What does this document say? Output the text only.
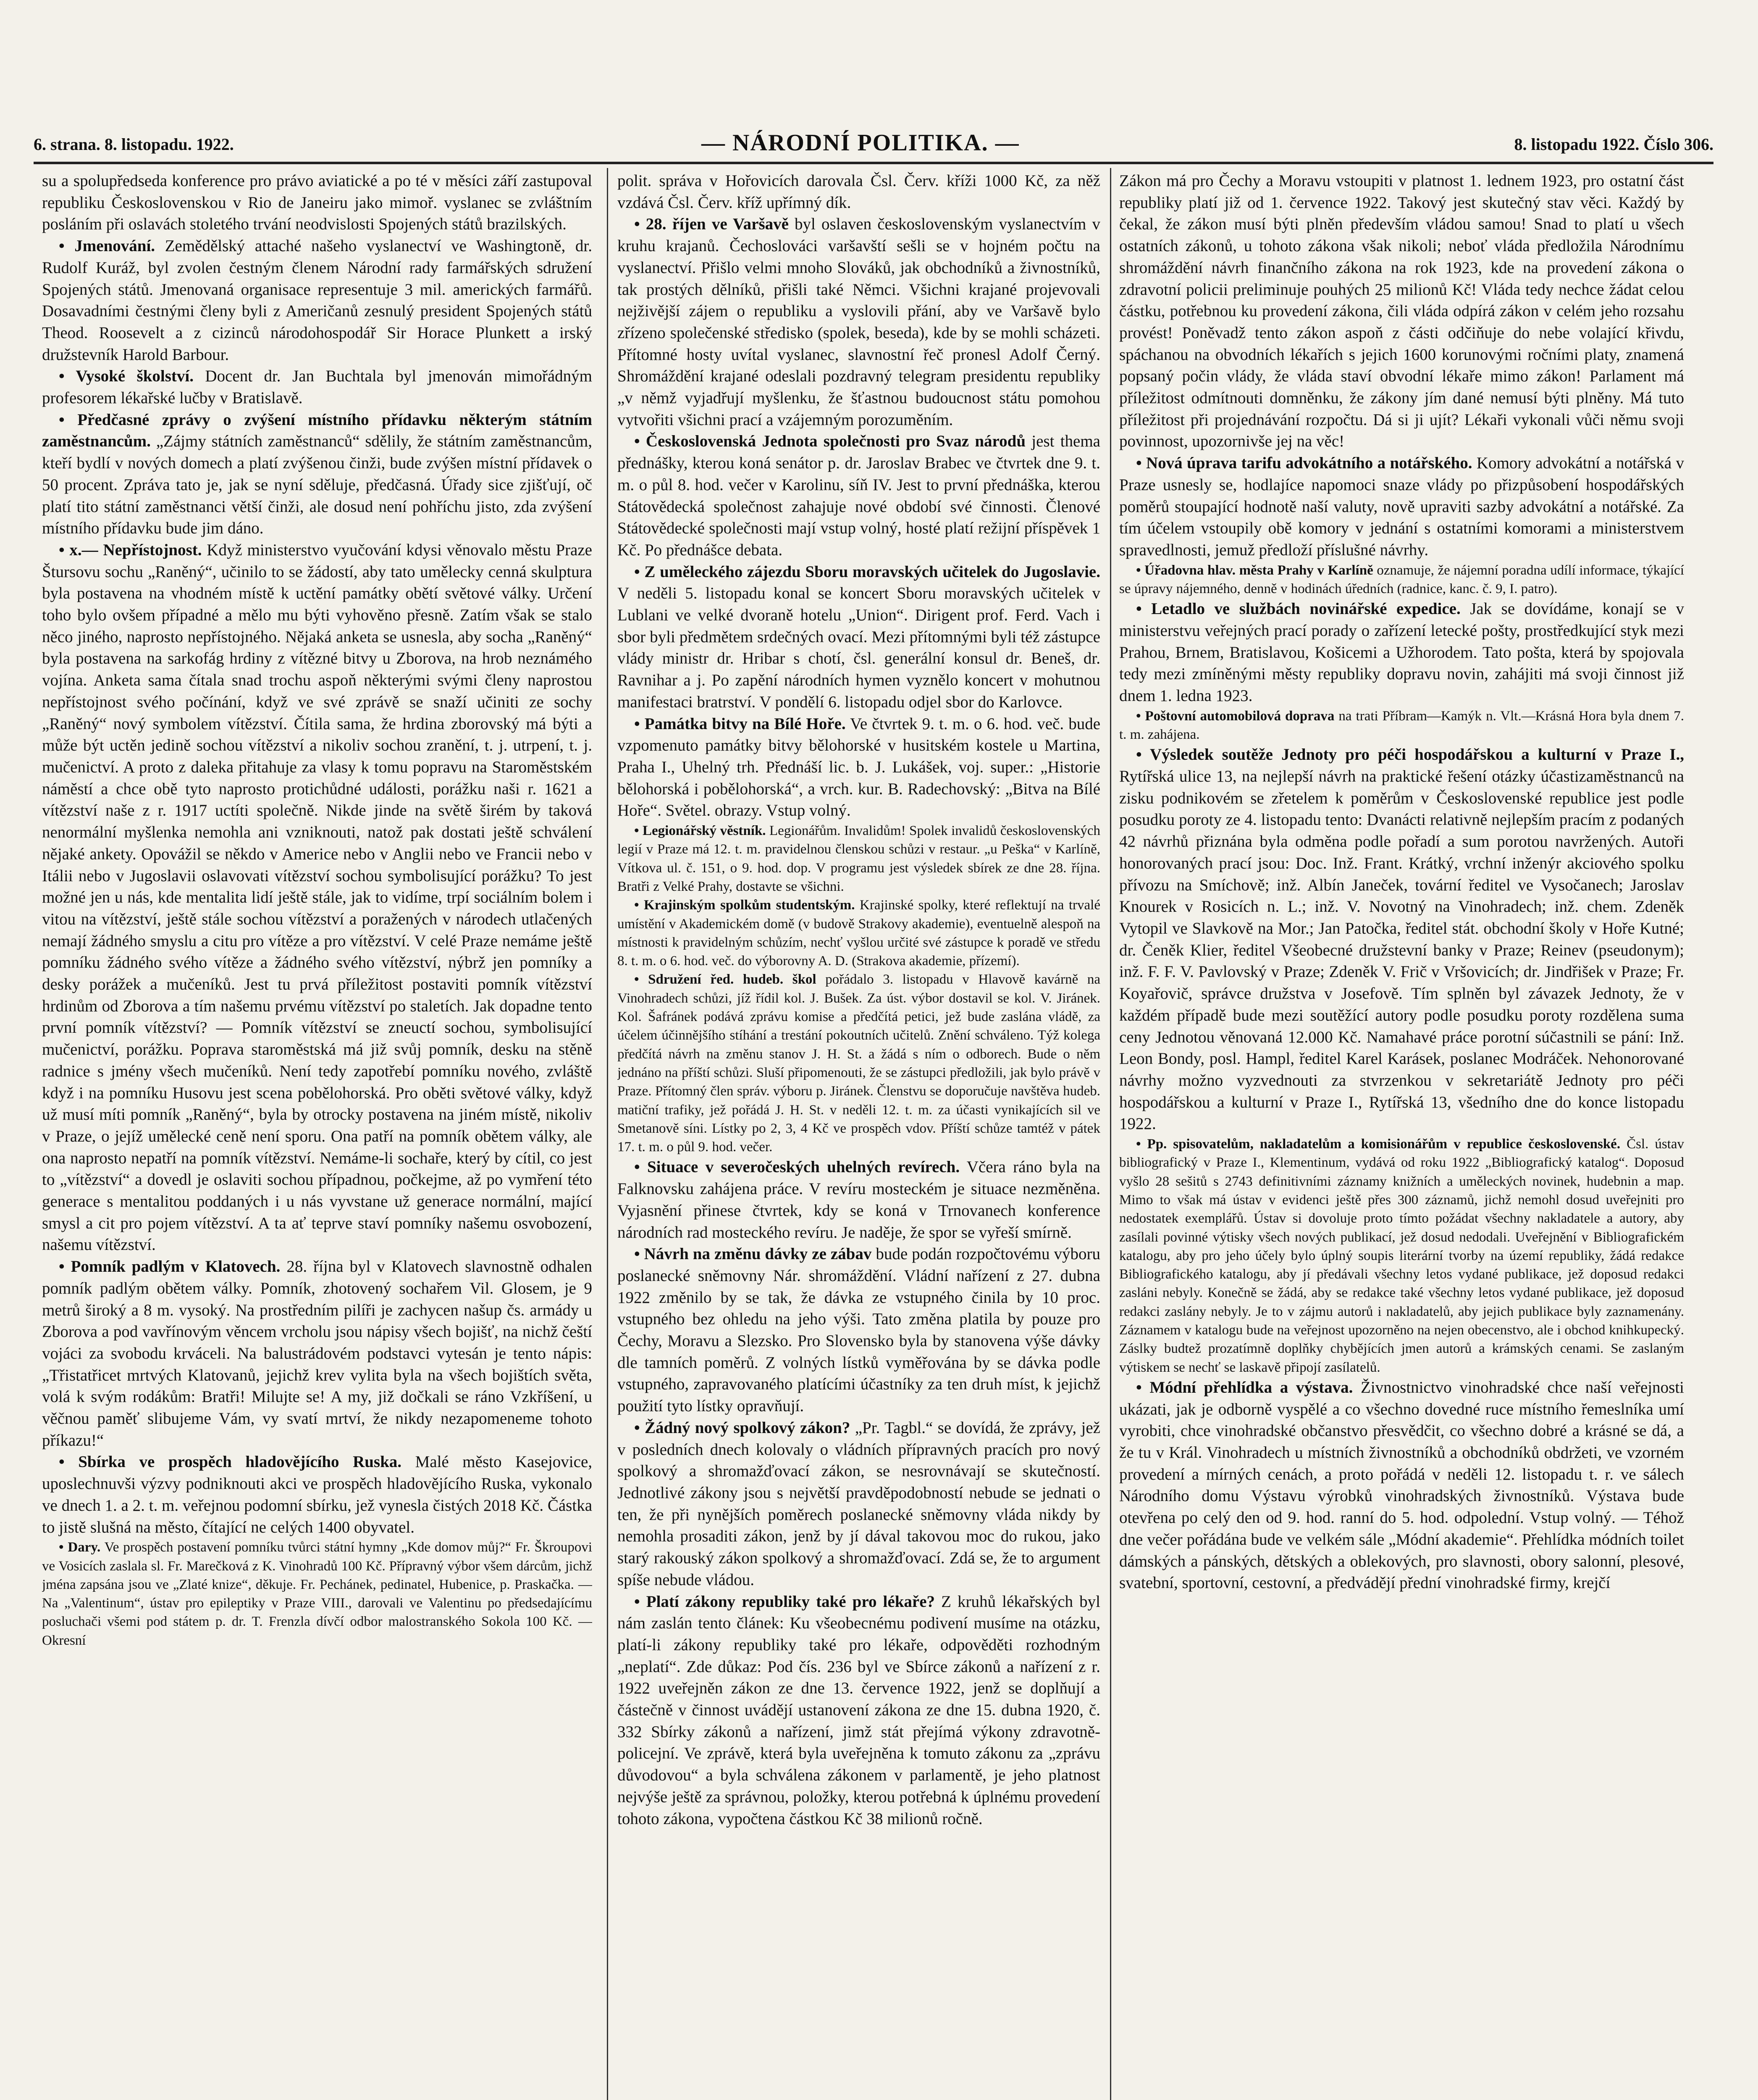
6. strana. 8. listopadu. 1922.	— NÁRODNÍ POLITIKA. —	8. listopadu 1922. Číslo 306.

su a spolupředseda konference pro právo aviatické a po té v měsíci září zastupoval republiku Československou v Rio de Janeiru jako mimoř. vyslanec se zvláštním posláním při oslavách stoletého trvání neodvislosti Spojených států brazilských.

• Jmenování. Zemědělský attaché našeho vyslanectví ve Washingtoně, dr. Rudolf Kuráž, byl zvolen čestným členem Národní rady farmářských sdružení Spojených států. Jmenovaná organisace representuje 3 mil. amerických farmářů. Dosavadními čestnými členy byli z Američanů zesnulý president Spojených států Theod. Roosevelt a z cizinců národohospodář Sir Horace Plunkett a irský družstevník Harold Barbour.

• Vysoké školství. Docent dr. Jan Buchtala byl jmenován mimořádným profesorem lékařské lučby v Bratislavě.

• Předčasné zprávy o zvýšení místního přídavku některým státním zaměstnancům. „Zájmy státních zaměstnanců“ sdělily, že státním zaměstnancům, kteří bydlí v nových domech a platí zvýšenou činži, bude zvýšen místní přídavek o 50 procent. Zpráva tato je, jak se nyní sděluje, předčasná. Úřady sice zjišťují, oč platí tito státní zaměstnanci větší činži, ale dosud není pohříchu jisto, zda zvýšení místního přídavku bude jim dáno.

• x.— Nepřístojnost. Když ministerstvo vyučování kdysi věnovalo městu Praze Štursovu sochu „Raněný“, učinilo to se žádostí, aby tato umělecky cenná skulptura byla postavena na vhodném místě k uctění památky obětí světové války. Určení toho bylo ovšem případné a mělo mu býti vyhověno přesně. Zatím však se stalo něco jiného, naprosto nepřístojného. Nějaká anketa se usnesla, aby socha „Raněný“ byla postavena na sarkofág hrdiny z vítězné bitvy u Zborova, na hrob neznámého vojína. Anketa sama čítala snad trochu aspoň některými svými členy naprostou nepřístojnost svého počínání, když ve své zprávě se snaží učiniti ze sochy „Raněný“ nový symbolem vítězství. Čítila sama, že hrdina zborovský má býti a může být uctěn jedině sochou vítězství a nikoliv sochou zranění, t. j. utrpení, t. j. mučenictví. A proto z daleka přitahuje za vlasy k tomu popravu na Staroměstském náměstí a chce obě tyto naprosto protichůdné události, porážku naši r. 1621 a vítězství naše z r. 1917 uctíti společně. Nikde jinde na světě širém by taková nenormální myšlenka nemohla ani vzniknouti, natož pak dostati ještě schválení nějaké ankety. Opovážil se někdo v Americe nebo v Anglii nebo ve Francii nebo v Itálii nebo v Jugoslavii oslavovati vítězství sochou symbolisující porážku? To jest možné jen u nás, kde mentalita lidí ještě stále, jak to vidíme, trpí sociálním bolem i vitou na vítězství, ještě stále sochou vítězství a poražených v národech utlačených nemají žádného smyslu a citu pro vítěze a pro vítězství. V celé Praze nemáme ještě pomníku žádného svého vítěze a žádného svého vítězství, nýbrž jen pomníky a desky porážek a mučeníků. Jest tu prvá příležitost postaviti pomník vítězství hrdinům od Zborova a tím našemu prvému vítězství po staletích. Jak dopadne tento první pomník vítězství? — Pomník vítězství se zneuctí sochou, symbolisující mučenictví, porážku. Poprava staroměstská má již svůj pomník, desku na stěně radnice s jmény všech mučeníků. Není tedy zapotřebí pomníku nového, zvláště když i na pomníku Husovu jest scena pobělohorská. Pro oběti světové války, když už musí míti pomník „Raněný“, byla by otrocky postavena na jiném místě, nikoliv v Praze, o jejíž umělecké ceně není sporu. Ona patří na pomník obětem války, ale ona naprosto nepatří na pomník vítězství. Nemáme-li sochaře, který by cítil, co jest to „vítězství“ a dovedl je oslaviti sochou případnou, počkejme, až po vymření této generace s mentalitou poddaných i u nás vyvstane už generace normální, mající smysl a cit pro pojem vítězství. A ta ať teprve staví pomníky našemu osvobození, našemu vítězství.

• Pomník padlým v Klatovech. 28. října byl v Klatovech slavnostně odhalen pomník padlým obětem války. Pomník, zhotovený sochařem Vil. Glosem, je 9 metrů široký a 8 m. vysoký. Na prostředním pilíři je zachycen našup čs. armády u Zborova a pod vavřínovým věncem vrcholu jsou nápisy všech bojišť, na nichž čeští vojáci za svobodu krváceli. Na balustrádovém podstavci vytesán je tento nápis: „Třistatřicet mrtvých Klatovanů, jejichž krev vylita byla na všech bojištích světa, volá k svým rodákům: Bratři! Milujte se! A my, již dočkali se ráno Vzkříšení, u věčnou paměť slibujeme Vám, vy svatí mrtví, že nikdy nezapomeneme tohoto příkazu!“

• Sbírka ve prospěch hladovějícího Ruska. Malé město Kasejovice, uposlechnuvši výzvy podniknouti akci ve prospěch hladovějícího Ruska, vykonalo ve dnech 1. a 2. t. m. veřejnou podomní sbírku, jež vynesla čistých 2018 Kč. Částka to jistě slušná na město, čítající ne celých 1400 obyvatel.

• Dary. Ve prospěch postavení pomníku tvůrci státní hymny „Kde domov můj?“ Fr. Škroupovi ve Vosicích zaslala sl. Fr. Marečková z K. Vinohradů 100 Kč. Přípravný výbor všem dárcům, jichž jména zapsána jsou ve „Zlaté knize“, děkuje. Fr. Pechánek, pedinatel, Hubenice, p. Praskačka. — Na „Valentinum“, ústav pro epileptiky v Praze VIII., darovali ve Valentinu po předsedajícímu posluchači všemi pod státem p. dr. T. Frenzla dívčí odbor malostranského Sokola 100 Kč. — Okresní

polit. správa v Hořovicích darovala Čsl. Červ. kříži 1000 Kč, za něž vzdává Čsl. Červ. kříž upřímný dík.

• 28. říjen ve Varšavě byl oslaven československým vyslanectvím v kruhu krajanů. Čechoslováci varšavští sešli se v hojném počtu na vyslanectví. Přišlo velmi mnoho Slováků, jak obchodníků a živnostníků, tak prostých dělníků, přišli také Němci. Všichni krajané projevovali nejživější zájem o republiku a vyslovili přání, aby ve Varšavě bylo zřízeno společenské středisko (spolek, beseda), kde by se mohli scházeti. Přítomné hosty uvítal vyslanec, slavnostní řeč pronesl Adolf Černý. Shromáždění krajané odeslali pozdravný telegram presidentu republiky „v němž vyjadřují myšlenku, že šťastnou budoucnost státu pomohou vytvořiti všichni prací a vzájemným porozuměním.

• Československá Jednota společnosti pro Svaz národů jest thema přednášky, kterou koná senátor p. dr. Jaroslav Brabec ve čtvrtek dne 9. t. m. o půl 8. hod. večer v Karolinu, síň IV. Jest to první přednáška, kterou Státovědecká společnost zahajuje nové období své činnosti. Členové Státovědecké společnosti mají vstup volný, hosté platí režijní příspěvek 1 Kč. Po přednášce debata.

• Z uměleckého zájezdu Sboru moravských učitelek do Jugoslavie. V neděli 5. listopadu konal se koncert Sboru moravských učitelek v Lublani ve velké dvoraně hotelu „Union“. Dirigent prof. Ferd. Vach i sbor byli předmětem srdečných ovací. Mezi přítomnými byli též zástupce vlády ministr dr. Hribar s chotí, čsl. generální konsul dr. Beneš, dr. Ravnihar a j. Po zapění národních hymen vyznělo koncert v mohutnou manifestaci bratrství. V pondělí 6. listopadu odjel sbor do Karlovce.

• Památka bitvy na Bílé Hoře. Ve čtvrtek 9. t. m. o 6. hod. več. bude vzpomenuto památky bitvy bělohorské v husitském kostele u Martina, Praha I., Uhelný trh. Přednáší lic. b. J. Lukášek, voj. super.: „Historie bělohorská i pobělohorská“, a vrch. kur. B. Radechovský: „Bitva na Bílé Hoře“. Světel. obrazy. Vstup volný.

• Legionářský věstník. Legionářům. Invalidům! Spolek invalidů československých legií v Praze má 12. t. m. pravidelnou členskou schůzi v restaur. „u Peška“ v Karlíně, Vítkova ul. č. 151, o 9. hod. dop. V programu jest výsledek sbírek ze dne 28. října. Bratři z Velké Prahy, dostavte se všichni.

• Krajinským spolkům studentským. Krajinské spolky, které reflektují na trvalé umístění v Akademickém domě (v budově Strakovy akademie), eventuelně alespoň na místnosti k pravidelným schůzím, nechť vyšlou určité své zástupce k poradě ve středu 8. t. m. o 6. hod. več. do výborovny A. D. (Strakova akademie, přízemí).

• Sdružení řed. hudeb. škol pořádalo 3. listopadu v Hlavově kavárně na Vinohradech schůzi, jíž řídil kol. J. Bušek. Za úst. výbor dostavil se kol. V. Jiránek. Kol. Šafránek podává zprávu komise a předčítá petici, jež bude zaslána vládě, za účelem účinnějšího stíhání a trestání pokoutních učitelů. Znění schváleno. Týž kolega předčítá návrh na změnu stanov J. H. St. a žádá s ním o odborech. Bude o něm jednáno na příští schůzi. Sluší připomenouti, že se zástupci předložili, jak bylo právě v Praze. Přítomný člen správ. výboru p. Jiránek. Členstvu se doporučuje navštěva hudeb. matiční trafiky, jež pořádá J. H. St. v neděli 12. t. m. za účasti vynikajících sil ve Smetanově síni. Lístky po 2, 3, 4 Kč ve prospěch vdov. Příští schůze tamtéž v pátek 17. t. m. o půl 9. hod. večer.

• Situace v severočeských uhelných revírech. Včera ráno byla na Falknovsku zahájena práce. V revíru mosteckém je situace nezměněna. Vyjasnění přinese čtvrtek, kdy se koná v Trnovanech konference národních rad mosteckého revíru. Je naděje, že spor se vyřeší smírně.

• Návrh na změnu dávky ze zábav bude podán rozpočtovému výboru poslanecké sněmovny Nár. shromáždění. Vládní nařízení z 27. dubna 1922 změnilo by se tak, že dávka ze vstupného činila by 10 proc. vstupného bez ohledu na jeho výši. Tato změna platila by pouze pro Čechy, Moravu a Slezsko. Pro Slovensko byla by stanovena výše dávky dle tamních poměrů. Z volných lístků vyměřována by se dávka podle vstupného, zapravovaného platícími účastníky za ten druh míst, k jejichž použití tyto lístky opravňují.

• Žádný nový spolkový zákon? „Pr. Tagbl.“ se dovídá, že zprávy, jež v posledních dnech kolovaly o vládních přípravných pracích pro nový spolkový a shromažďovací zákon, se nesrovnávají se skutečností. Jednotlivé zákony jsou s největší pravděpodobností nebude se jednati o ten, že při nynějších poměrech poslanecké sněmovny vláda nikdy by nemohla prosaditi zákon, jenž by jí dával takovou moc do rukou, jako starý rakouský zákon spolkový a shromažďovací. Zdá se, že to argument spíše nebude vládou.

• Platí zákony republiky také pro lékaře? Z kruhů lékařských byl nám zaslán tento článek: Ku všeobecnému podivení musíme na otázku, platí-li zákony republiky také pro lékaře, odpověděti rozhodným „neplatí“. Zde důkaz: Pod čís. 236 byl ve Sbírce zákonů a nařízení z r. 1922 uveřejněn zákon ze dne 13. července 1922, jenž se doplňují a částečně v činnost uvádějí ustanovení zákona ze dne 15. dubna 1920, č. 332 Sbírky zákonů a nařízení, jimž stát přejímá výkony zdravotně-policejní. Ve zprávě, která byla uveřejněna k tomuto zákonu za „zprávu důvodovou“ a byla schválena zákonem v parlamentě, je jeho platnost nejvýše ještě za správnou, položky, kterou potřebná k úplnému provedení tohoto zákona, vypočtena částkou Kč 38 milionů ročně.

Zákon má pro Čechy a Moravu vstoupiti v platnost 1. lednem 1923, pro ostatní část republiky platí již od 1. července 1922. Takový jest skutečný stav věci. Každý by čekal, že zákon musí býti plněn především vládou samou! Snad to platí u všech ostatních zákonů, u tohoto zákona však nikoli; neboť vláda předložila Národnímu shromáždění návrh finančního zákona na rok 1923, kde na provedení zákona o zdravotní policii preliminuje pouhých 25 milionů Kč! Vláda tedy nechce žádat celou částku, potřebnou ku provedení zákona, čili vláda odpírá zákon v celém jeho rozsahu provést! Poněvadž tento zákon aspoň z části odčiňuje do nebe volající křivdu, spáchanou na obvodních lékařích s jejich 1600 korunovými ročními platy, znamená popsaný počin vlády, že vláda staví obvodní lékaře mimo zákon! Parlament má příležitost odmítnouti domněnku, že zákony jím dané nemusí býti plněny. Má tuto příležitost při projednávání rozpočtu. Dá si ji ujít? Lékaři vykonali vůči němu svoji povinnost, upozornivše jej na věc!

• Nová úprava tarifu advokátního a notářského. Komory advokátní a notářská v Praze usnesly se, hodlajíce napomoci snaze vlády po přizpůsobení hospodářských poměrů stoupající hodnotě naší valuty, nově upraviti sazby advokátní a notářské. Za tím účelem vstoupily obě komory v jednání s ostatními komorami a ministerstvem spravedlnosti, jemuž předloží příslušné návrhy.

• Úřadovna hlav. města Prahy v Karlíně oznamuje, že nájemní poradna udílí informace, týkající se úpravy nájemného, denně v hodinách úředních (radnice, kanc. č. 9, I. patro).

• Letadlo ve službách novinářské expedice. Jak se dovídáme, konají se v ministerstvu veřejných prací porady o zařízení letecké pošty, prostředkující styk mezi Prahou, Brnem, Bratislavou, Košicemi a Užhorodem. Tato pošta, která by spojovala tedy mezi zmíněnými městy republiky dopravu novin, zahájiti má svoji činnost již dnem 1. ledna 1923.

• Poštovní automobilová doprava na trati Příbram—Kamýk n. Vlt.—Krásná Hora byla dnem 7. t. m. zahájena.

• Výsledek soutěže Jednoty pro péči hospodářskou a kulturní v Praze I., Rytířská ulice 13, na nejlepší návrh na praktické řešení otázky účastizaměstnanců na zisku podnikovém se zřetelem k poměrům v Československé republice jest podle posudku poroty ze 4. listopadu tento: Dvanácti relativně nejlepším pracím z podaných 42 návrhů přiznána byla odměna podle pořadí a sum porotou navržených. Autoři honorovaných prací jsou: Doc. Inž. Frant. Krátký, vrchní inženýr akciového spolku přívozu na Smíchově; inž. Albín Janeček, tovární ředitel ve Vysočanech; Jaroslav Knourek v Rosicích n. L.; inž. V. Novotný na Vinohradech; inž. chem. Zdeněk Vytopil ve Slavkově na Mor.; Jan Patočka, ředitel stát. obchodní školy v Hoře Kutné; dr. Čeněk Klier, ředitel Všeobecné družstevní banky v Praze; Reinev (pseudonym); inž. F. F. V. Pavlovský v Praze; Zdeněk V. Frič v Vršovicích; dr. Jindřišek v Praze; Fr. Koyařovič, správce družstva v Josefově. Tím splněn byl závazek Jednoty, že v každém případě bude mezi soutěžící autory podle posudku poroty rozdělena suma ceny Jednotou věnovaná 12.000 Kč. Namahavé práce porotní súčastnili se pání: Inž. Leon Bondy, posl. Hampl, ředitel Karel Karásek, poslanec Modráček. Nehonorované návrhy možno vyzvednouti za stvrzenkou v sekretariátě Jednoty pro péči hospodářskou a kulturní v Praze I., Rytířská 13, všedního dne do konce listopadu 1922.

• Pp. spisovatelům, nakladatelům a komisionářům v republice československé. Čsl. ústav bibliografický v Praze I., Klementinum, vydává od roku 1922 „Bibliografický katalog“. Doposud vyšlo 28 sešitů s 2743 definitivními záznamy knižních a uměleckých novinek, hudebnin a map. Mimo to však má ústav v evidenci ještě přes 300 záznamů, jichž nemohl dosud uveřejniti pro nedostatek exemplářů. Ústav si dovoluje proto tímto požádat všechny nakladatele a autory, aby zasílali povinné výtisky všech nových publikací, jež dosud nedodali. Uveřejnění v Bibliografickém katalogu, aby pro jeho účely bylo úplný soupis literární tvorby na území republiky, žádá redakce Bibliografického katalogu, aby jí předávali všechny letos vydané publikace, jež doposud redakci zasláni nebyly. Konečně se žádá, aby se redakce také všechny letos vydané publikace, jež doposud redakci zaslány nebyly. Je to v zájmu autorů i nakladatelů, aby jejich publikace byly zaznamenány. Záznamem v katalogu bude na veřejnost upozorněno na nejen obecenstvo, ale i obchod knihkupecký. Záslky budtež prozatímně doplňky chybějících jmen autorů a krámských cenami. Se zaslaným výtiskem se nechť se laskavě připojí zasílatelů.

• Módní přehlídka a výstava. Živnostnictvo vinohradské chce naší veřejnosti ukázati, jak je odborně vyspělé a co všechno dovedné ruce místního řemeslníka umí vyrobiti, chce vinohradské občanstvo přesvědčit, co všechno dobré a krásné se dá, a že tu v Král. Vinohradech u místních živnostníků a obchodníků obdržeti, ve vzorném provedení a mírných cenách, a proto pořádá v neděli 12. listopadu t. r. ve sálech Národního domu Výstavu výrobků vinohradských živnostníků. Výstava bude otevřena po celý den od 9. hod. ranní do 5. hod. odpolední. Vstup volný. — Téhož dne večer pořádána bude ve velkém sále „Módní akademie“. Přehlídka módních toilet dámských a pánských, dětských a oblekových, pro slavnosti, obory salonní, plesové, svatební, sportovní, cestovní, a předvádějí přední vinohradské firmy, krejčí
